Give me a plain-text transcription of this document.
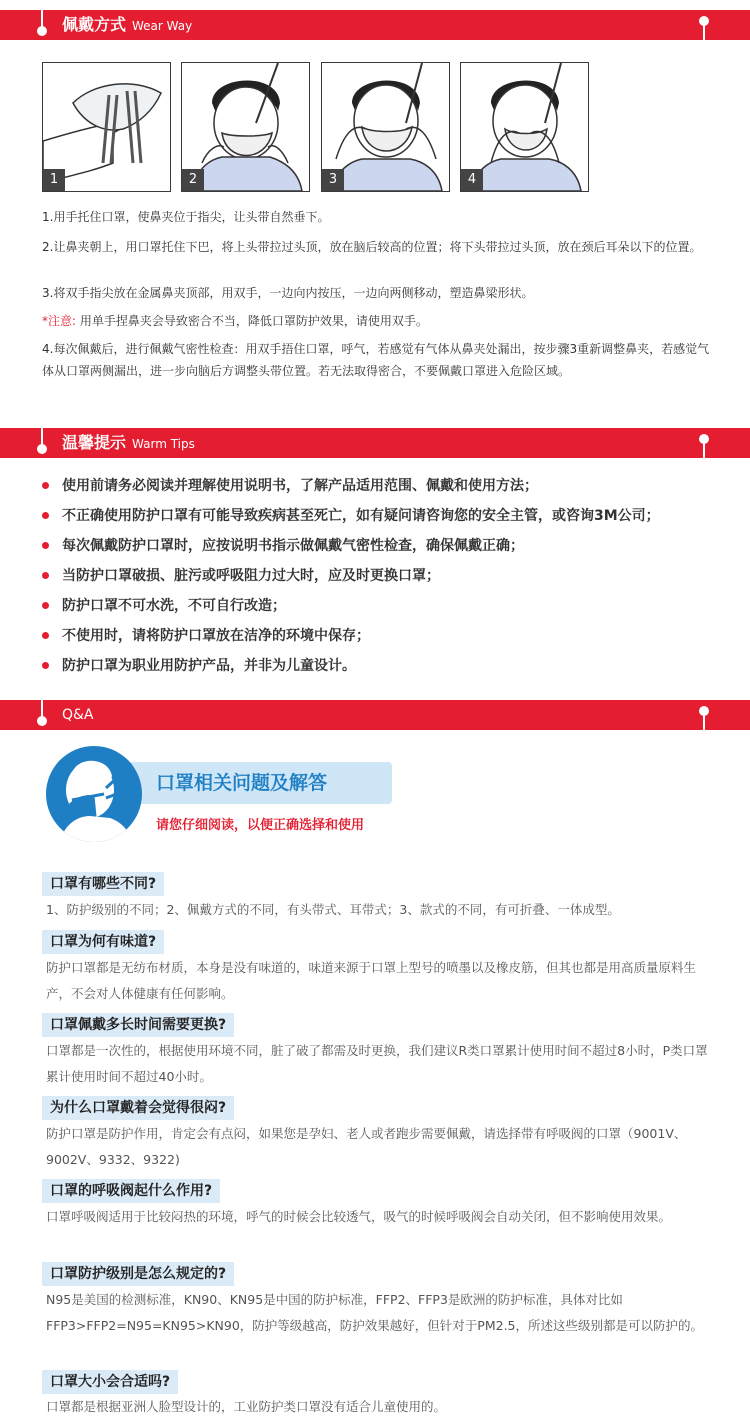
佩戴方式 Wear Way
1	2	3	4
1.用手托住口罩，使鼻夹位于指尖，让头带自然垂下。
2.让鼻夹朝上，用口罩托住下巴，将上头带拉过头顶，放在脑后较高的位置；将下头带拉过头顶，放在颈后耳朵以下的位置。
3.将双手指尖放在金属鼻夹顶部，用双手，一边向内按压，一边向两侧移动，塑造鼻梁形状。
*注意: 用单手捏鼻夹会导致密合不当，降低口罩防护效果，请使用双手。
4.每次佩戴后，进行佩戴气密性检查：用双手捂住口罩，呼气，若感觉有气体从鼻夹处漏出，按步骤3重新调整鼻夹，若感觉气体从口罩两侧漏出，进一步向脑后方调整头带位置。若无法取得密合，不要佩戴口罩进入危险区域。
温馨提示 Warm Tips
使用前请务必阅读并理解使用说明书，了解产品适用范围、佩戴和使用方法；
不正确使用防护口罩有可能导致疾病甚至死亡，如有疑问请咨询您的安全主管，或咨询3M公司；
每次佩戴防护口罩时，应按说明书指示做佩戴气密性检查，确保佩戴正确；
当防护口罩破损、脏污或呼吸阻力过大时，应及时更换口罩；
防护口罩不可水洗，不可自行改造；
不使用时，请将防护口罩放在洁净的环境中保存；
防护口罩为职业用防护产品，并非为儿童设计。
Q&A
口罩相关问题及解答
请您仔细阅读，以便正确选择和使用
口罩有哪些不同?
1、防护级别的不同；2、佩戴方式的不同，有头带式、耳带式；3、款式的不同，有可折叠、一体成型。
口罩为何有味道?
防护口罩都是无纺布材质，本身是没有味道的，味道来源于口罩上型号的喷墨以及橡皮筋，但其也都是用高质量原料生产，不会对人体健康有任何影响。
口罩佩戴多长时间需要更换?
口罩都是一次性的，根据使用环境不同，脏了破了都需及时更换，我们建议R类口罩累计使用时间不超过8小时，P类口罩累计使用时间不超过40小时。
为什么口罩戴着会觉得很闷?
防护口罩是防护作用，肯定会有点闷，如果您是孕妇、老人或者跑步需要佩戴，请选择带有呼吸阀的口罩（9001V、9002V、9332、9322)
口罩的呼吸阀起什么作用?
口罩呼吸阀适用于比较闷热的环境，呼气的时候会比较透气，吸气的时候呼吸阀会自动关闭，但不影响使用效果。
口罩防护级别是怎么规定的?
N95是美国的检测标准，KN90、KN95是中国的防护标准，FFP2、FFP3是欧洲的防护标准，具体对比如FFP3>FFP2=N95=KN95>KN90，防护等级越高，防护效果越好，但针对于PM2.5，所述这些级别都是可以防护的。
口罩大小会合适吗?
口罩都是根据亚洲人脸型设计的，工业防护类口罩没有适合儿童使用的。
